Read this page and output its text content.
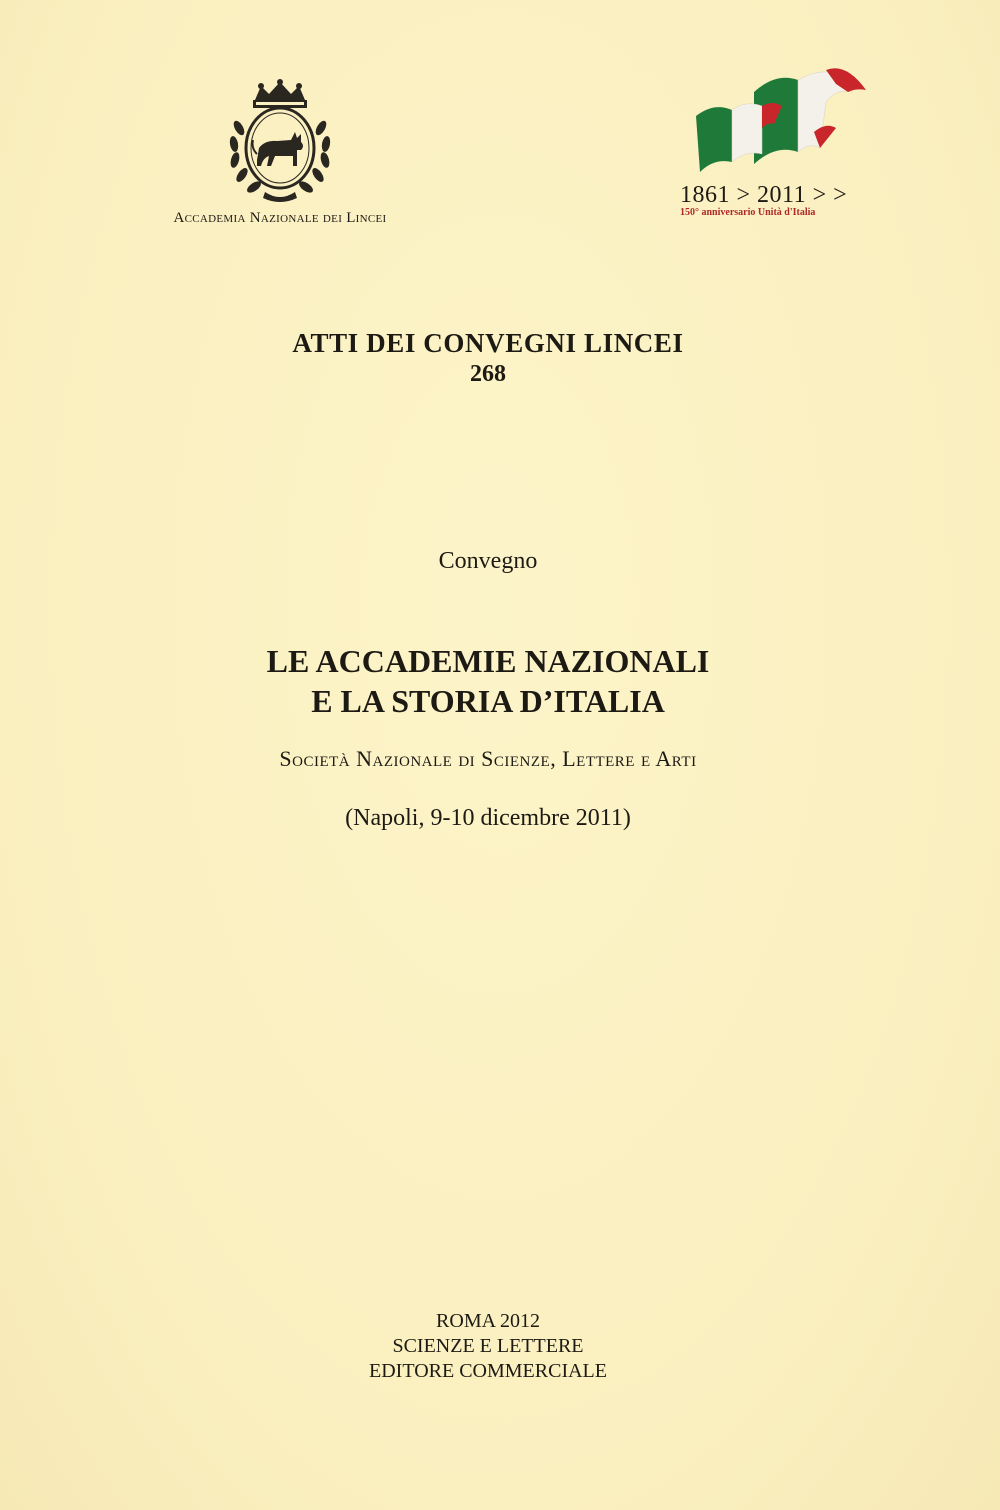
Accademia Nazionale dei Lincei
1861 > 2011 > >
150° anniversario Unità d'Italia
ATTI DEI CONVEGNI LINCEI
268
Convegno
LE ACCADEMIE NAZIONALI
E LA STORIA D’ITALIA
Società Nazionale di Scienze, Lettere e Arti
(Napoli, 9-10 dicembre 2011)
ROMA 2012
SCIENZE E LETTERE
EDITORE COMMERCIALE
